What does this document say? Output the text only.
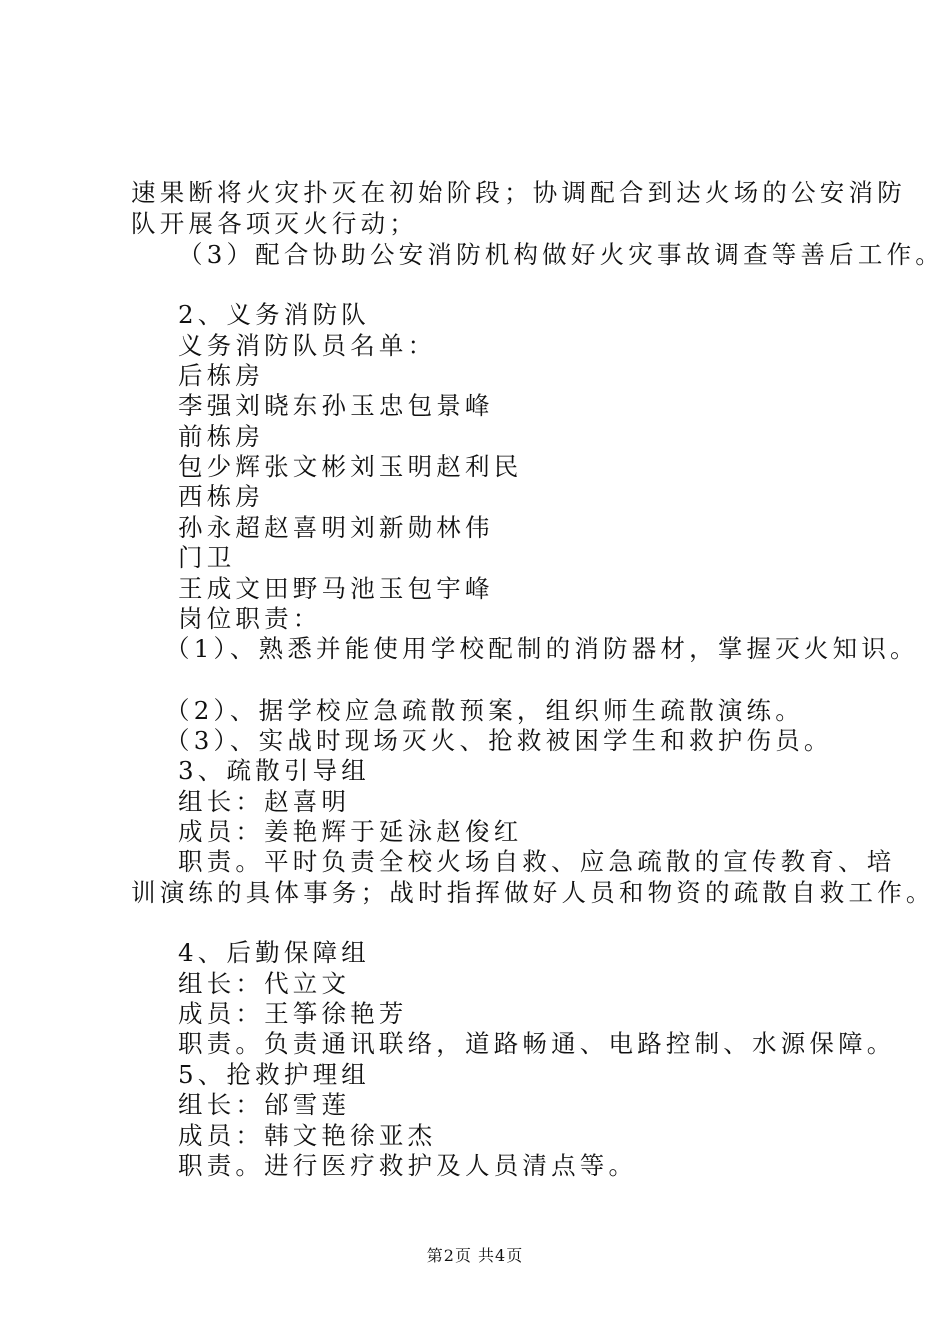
速果断将火灾扑灭在初始阶段；协调配合到达火场的公安消防
队开展各项灭火行动；
（3）配合协助公安消防机构做好火灾事故调查等善后工作。
2、义务消防队
义务消防队员名单：
后栋房
李强刘晓东孙玉忠包景峰
前栋房
包少辉张文彬刘玉明赵利民
西栋房
孙永超赵喜明刘新勋林伟
门卫
王成文田野马池玉包宇峰
岗位职责：
（1）、熟悉并能使用学校配制的消防器材，掌握灭火知识。
（2）、据学校应急疏散预案，组织师生疏散演练。
（3）、实战时现场灭火、抢救被困学生和救护伤员。
3、疏散引导组
组长：赵喜明
成员：姜艳辉于延泳赵俊红
职责。平时负责全校火场自救、应急疏散的宣传教育、培
训演练的具体事务；战时指挥做好人员和物资的疏散自救工作。
4、后勤保障组
组长：代立文
成员：王筝徐艳芳
职责。负责通讯联络，道路畅通、电路控制、水源保障。
5、抢救护理组
组长：邰雪莲
成员：韩文艳徐亚杰
职责。进行医疗救护及人员清点等。
第2页 共4页
